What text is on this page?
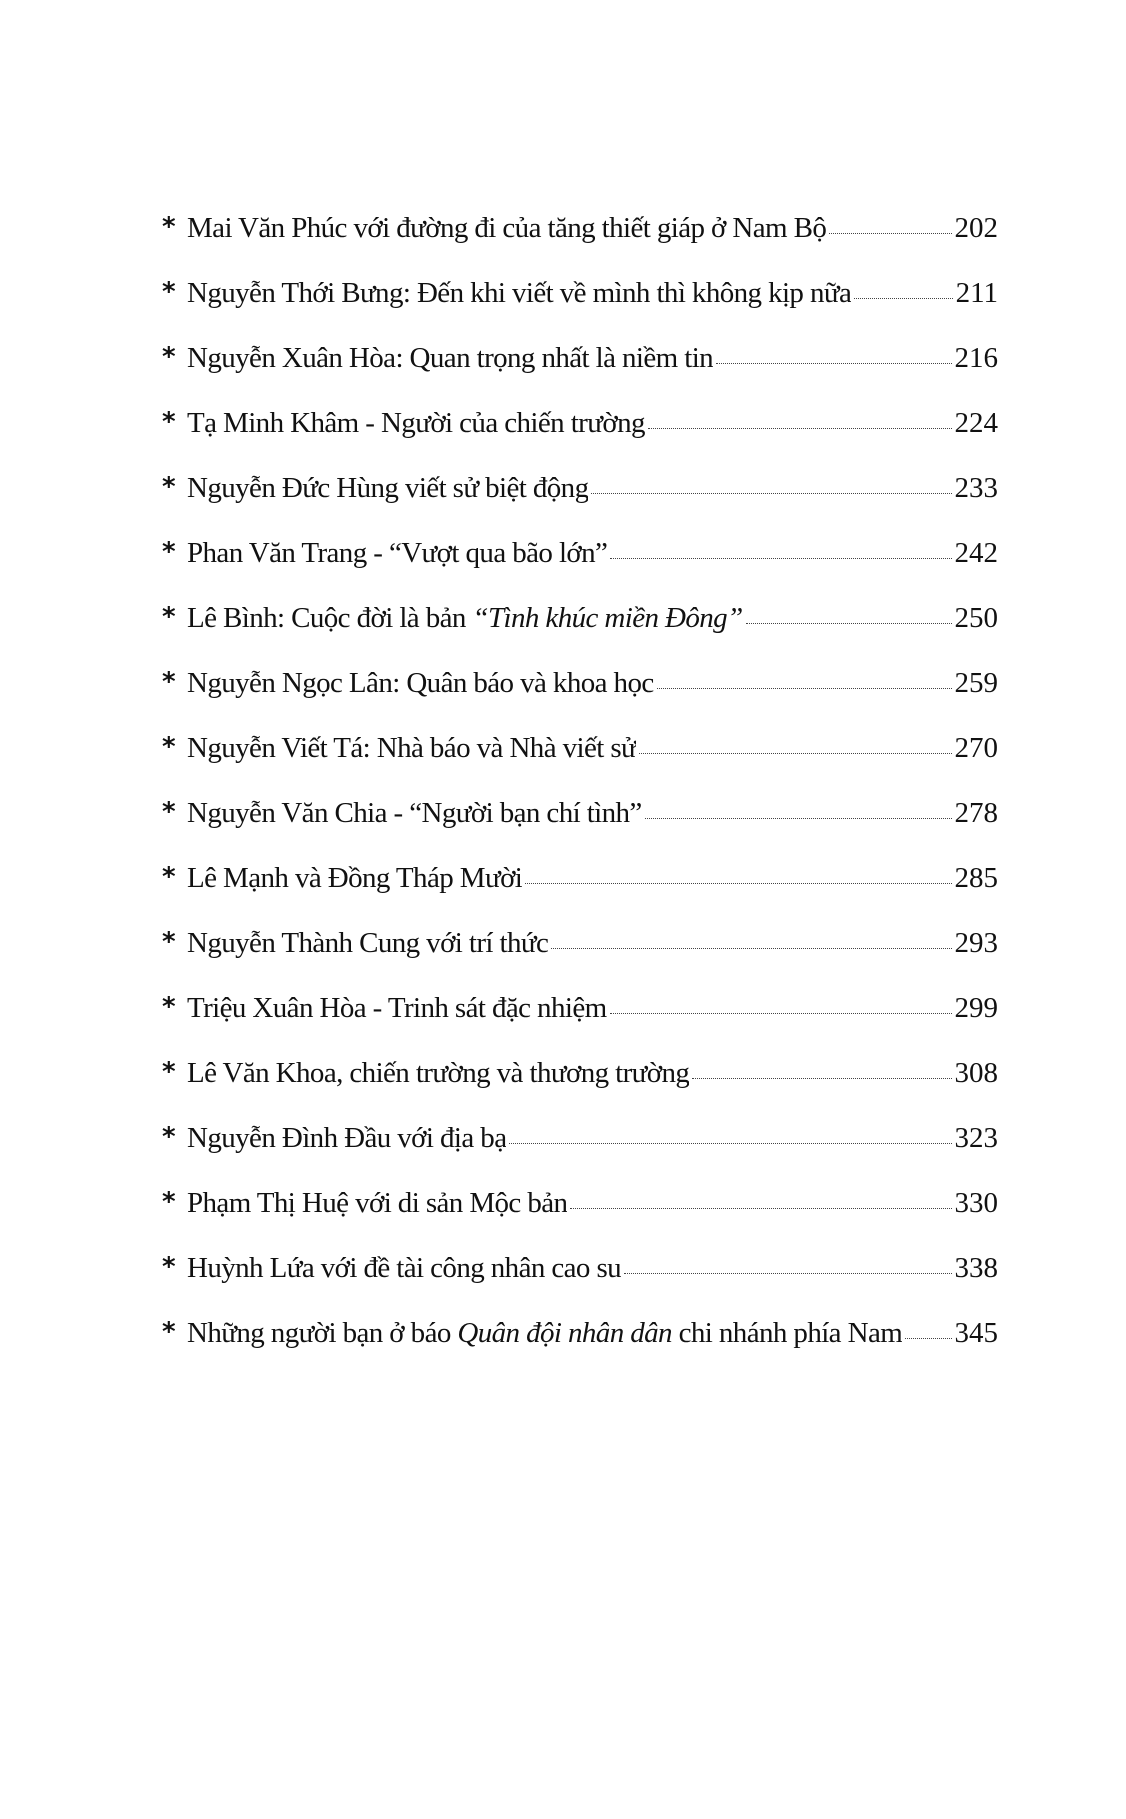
* Mai Văn Phúc với đường đi của tăng thiết giáp ở Nam Bộ	202
* Nguyễn Thới Bưng: Đến khi viết về mình thì không kịp nữa	211
* Nguyễn Xuân Hòa: Quan trọng nhất là niềm tin	216
* Tạ Minh Khâm - Người của chiến trường	224
* Nguyễn Đức Hùng viết sử biệt động	233
* Phan Văn Trang - “Vượt qua bão lớn”	242
* Lê Bình: Cuộc đời là bản “Tình khúc miền Đông”	250
* Nguyễn Ngọc Lân: Quân báo và khoa học	259
* Nguyễn Viết Tá: Nhà báo và Nhà viết sử	270
* Nguyễn Văn Chia - “Người bạn chí tình”	278
* Lê Mạnh và Đồng Tháp Mười	285
* Nguyễn Thành Cung với trí thức	293
* Triệu Xuân Hòa - Trinh sát đặc nhiệm	299
* Lê Văn Khoa, chiến trường và thương trường	308
* Nguyễn Đình Đầu với địa bạ	323
* Phạm Thị Huệ với di sản Mộc bản	330
* Huỳnh Lứa với đề tài công nhân cao su	338
* Những người bạn ở báo Quân đội nhân dân chi nhánh phía Nam 345
